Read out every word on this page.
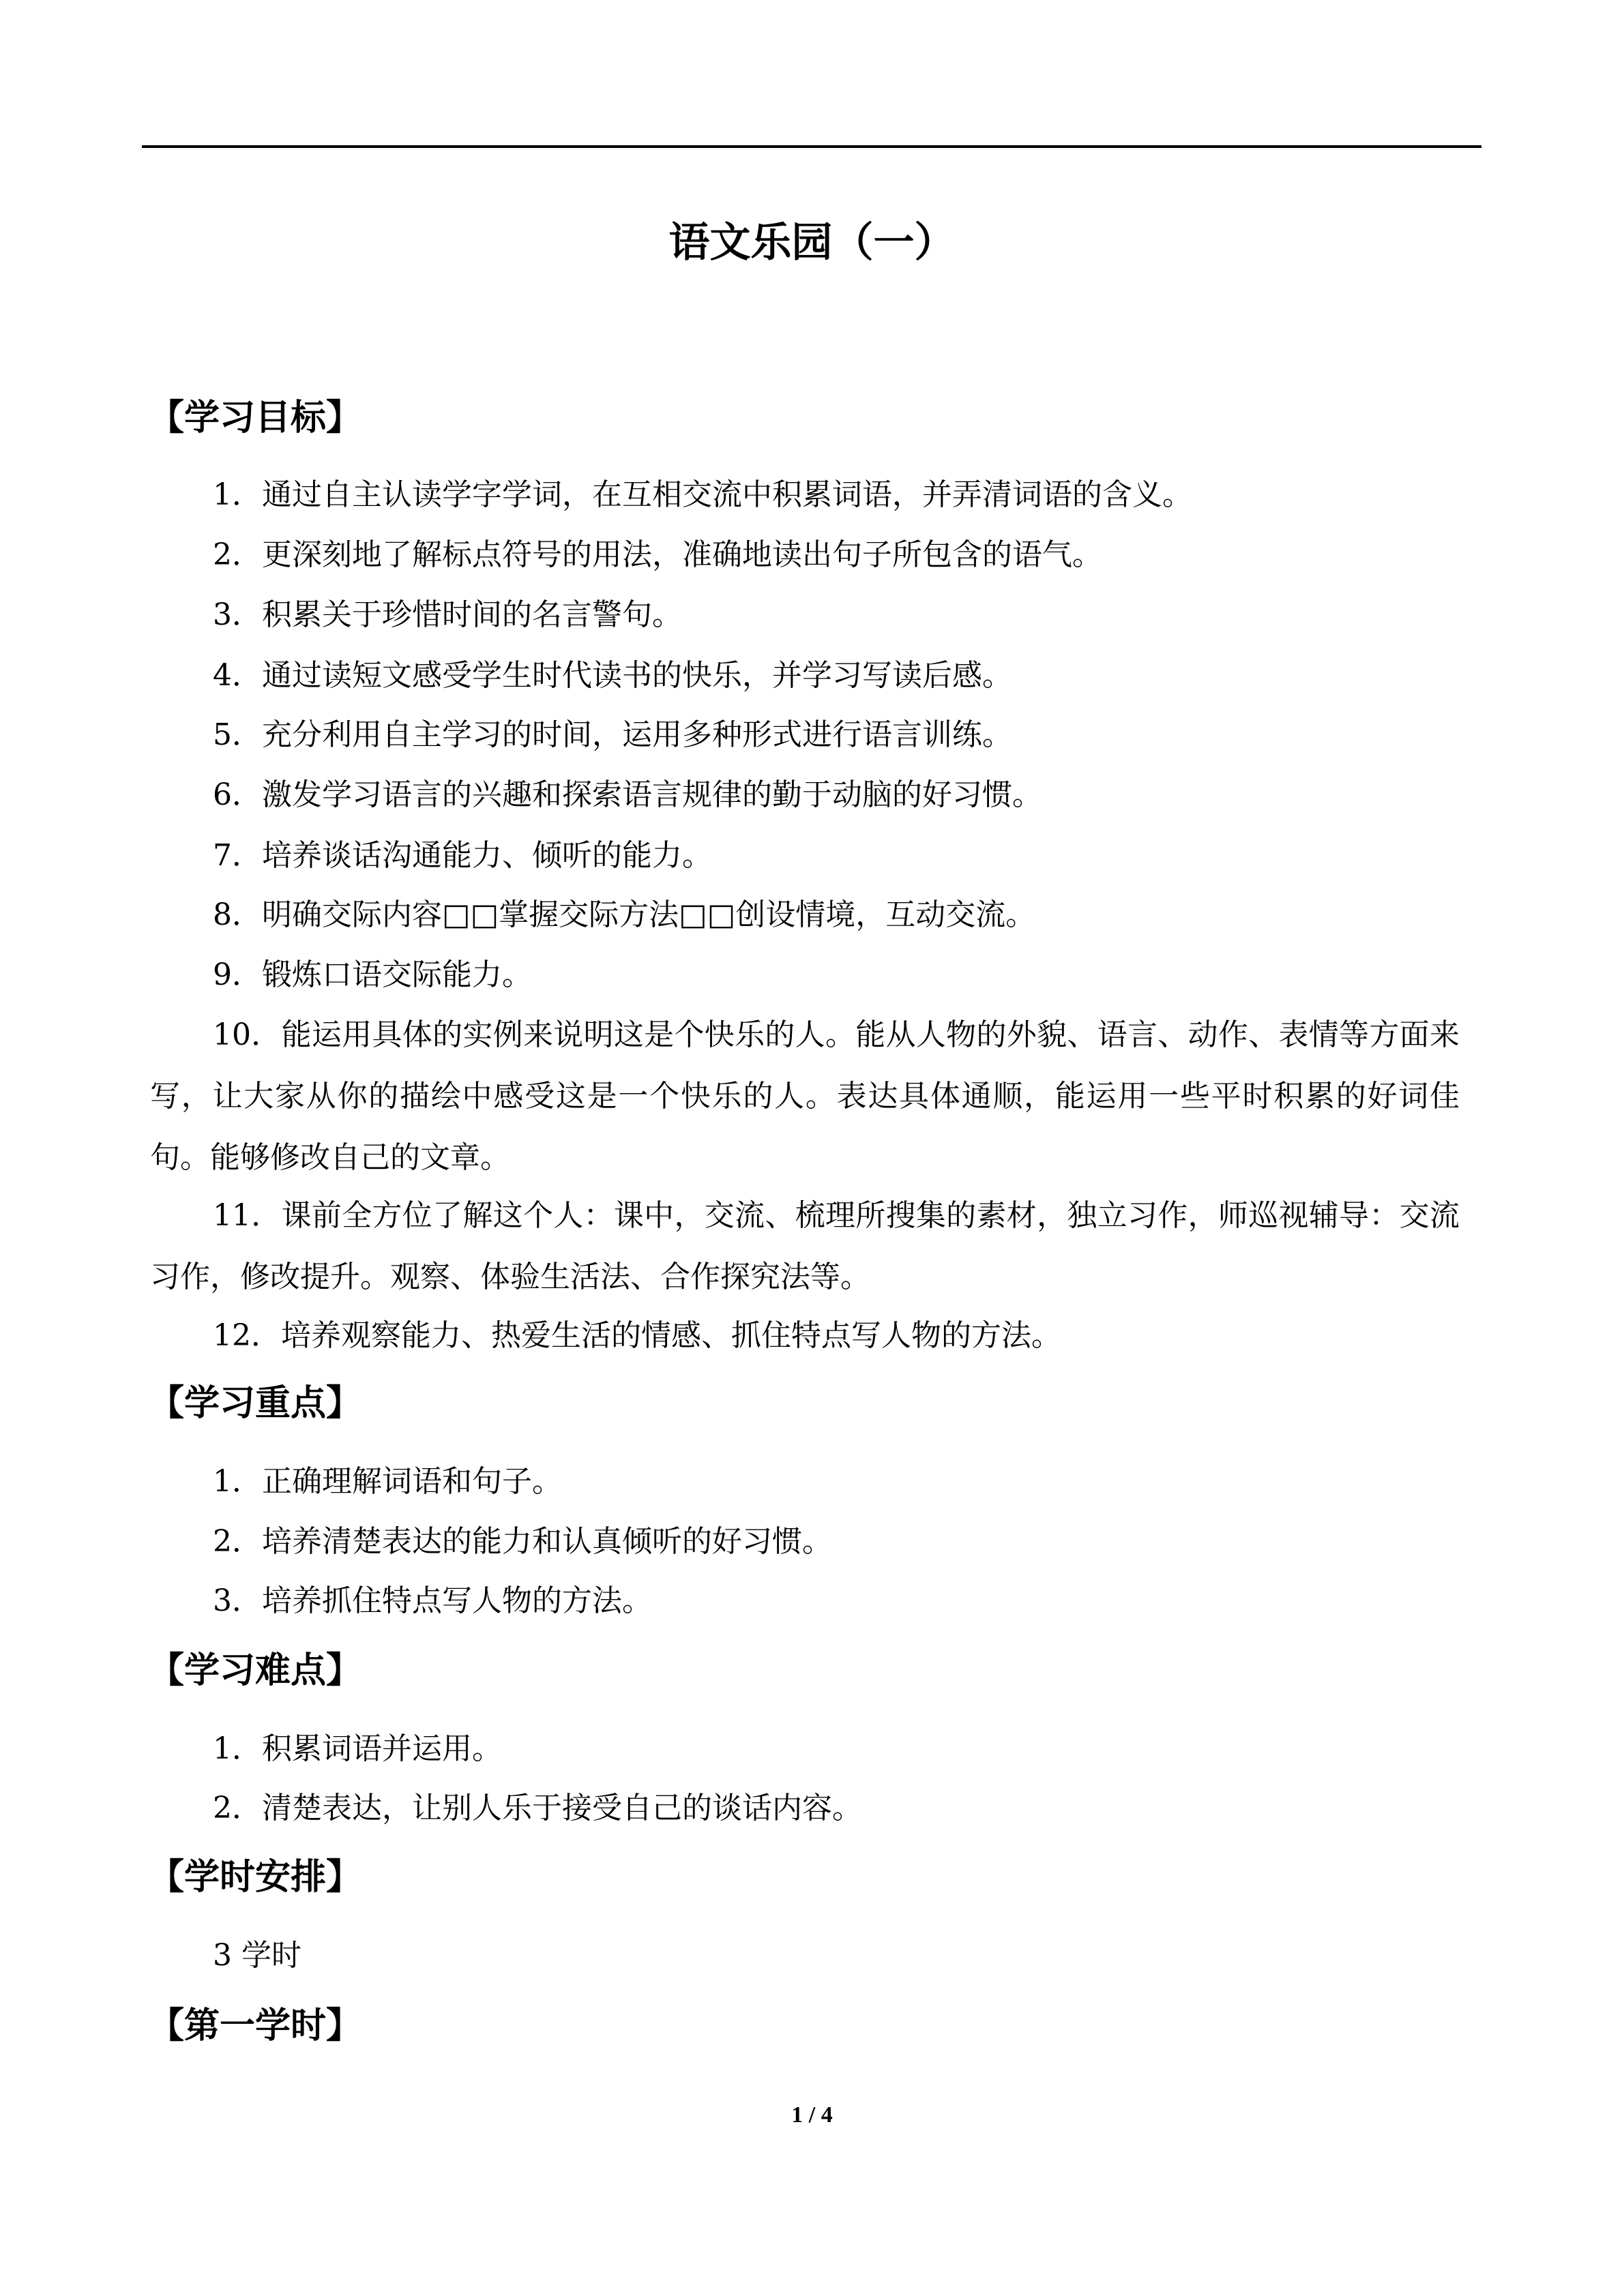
语文乐园（一）
【学习目标】
1．通过自主认读学字学词，在互相交流中积累词语，并弄清词语的含义。
2．更深刻地了解标点符号的用法，准确地读出句子所包含的语气。
3．积累关于珍惜时间的名言警句。
4．通过读短文感受学生时代读书的快乐，并学习写读后感。
5．充分利用自主学习的时间，运用多种形式进行语言训练。
6．激发学习语言的兴趣和探索语言规律的勤于动脑的好习惯。
7．培养谈话沟通能力、倾听的能力。
8．明确交际内容□□掌握交际方法□□创设情境，互动交流。
9．锻炼口语交际能力。
10．能运用具体的实例来说明这是个快乐的人。能从人物的外貌、语言、动作、表情等方面来写，让大家从你的描绘中感受这是一个快乐的人。表达具体通顺，能运用一些平时积累的好词佳句。能够修改自己的文章。
11．课前全方位了解这个人：课中，交流、梳理所搜集的素材，独立习作，师巡视辅导：交流习作，修改提升。观察、体验生活法、合作探究法等。
12．培养观察能力、热爱生活的情感、抓住特点写人物的方法。
【学习重点】
1．正确理解词语和句子。
2．培养清楚表达的能力和认真倾听的好习惯。
3．培养抓住特点写人物的方法。
【学习难点】
1．积累词语并运用。
2．清楚表达，让别人乐于接受自己的谈话内容。
【学时安排】
3 学时
【第一学时】
1 / 4
